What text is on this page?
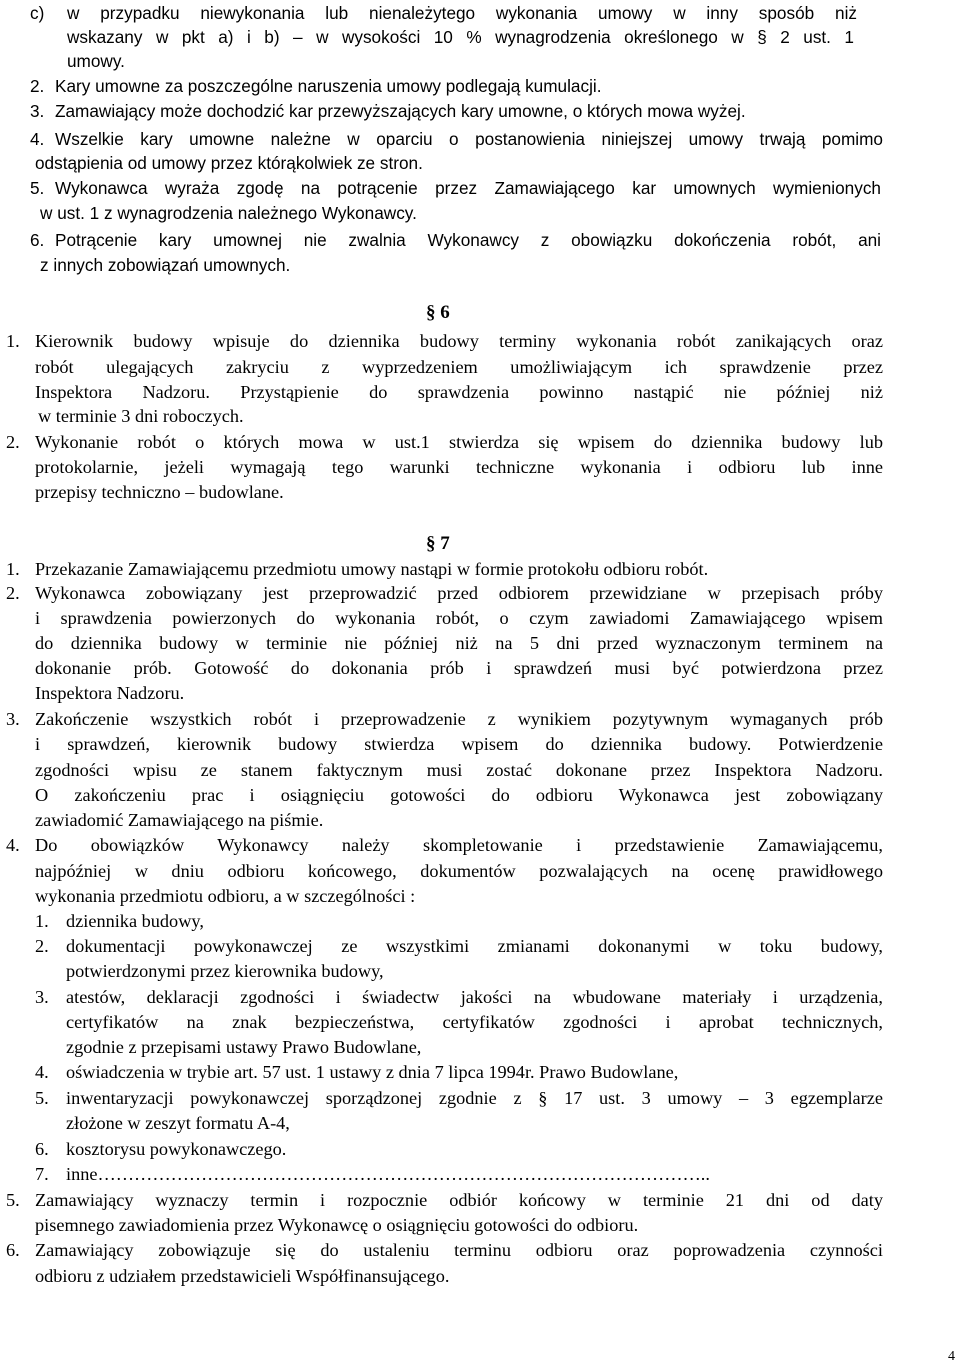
c) w przypadku niewykonania lub nienależytego wykonania umowy w inny sposób niż
wskazany w pkt a) i b) – w wysokości 10 % wynagrodzenia określonego w § 2 ust. 1
umowy.
2. Kary umowne za poszczególne naruszenia umowy podlegają kumulacji.
3. Zamawiający może dochodzić kar przewyższających kary umowne, o których mowa wyżej.
4. Wszelkie kary umowne należne w oparciu o postanowienia niniejszej umowy trwają pomimo
odstąpienia od umowy przez którąkolwiek ze stron.
5. Wykonawca wyraża zgodę na potrącenie przez Zamawiającego kar umownych wymienionych
w ust. 1 z wynagrodzenia należnego Wykonawcy.
6. Potrącenie kary umownej nie zwalnia Wykonawcy z obowiązku dokończenia robót, ani
z innych zobowiązań umownych.
§ 6
1. Kierownik budowy wpisuje do dziennika budowy terminy wykonania robót zanikających oraz
robót ulegających zakryciu z wyprzedzeniem umożliwiającym ich sprawdzenie przez
Inspektora Nadzoru. Przystąpienie do sprawdzenia powinno nastąpić nie później niż
w terminie 3 dni roboczych.
2. Wykonanie robót o których mowa w ust.1 stwierdza się wpisem do dziennika budowy lub
protokolarnie, jeżeli wymagają tego warunki techniczne wykonania i odbioru lub inne
przepisy techniczno – budowlane.
§ 7
1. Przekazanie Zamawiającemu przedmiotu umowy nastąpi w formie protokołu odbioru robót.
2. Wykonawca zobowiązany jest przeprowadzić przed odbiorem przewidziane w przepisach próby
i sprawdzenia powierzonych do wykonania robót, o czym zawiadomi Zamawiającego wpisem
do dziennika budowy w terminie nie później niż na 5 dni przed wyznaczonym terminem na
dokonanie prób. Gotowość do dokonania prób i sprawdzeń musi być potwierdzona przez
Inspektora Nadzoru.
3. Zakończenie wszystkich robót i przeprowadzenie z wynikiem pozytywnym wymaganych prób
i sprawdzeń, kierownik budowy stwierdza wpisem do dziennika budowy. Potwierdzenie
zgodności wpisu ze stanem faktycznym musi zostać dokonane przez Inspektora Nadzoru.
O zakończeniu prac i osiągnięciu gotowości do odbioru Wykonawca jest zobowiązany
zawiadomić Zamawiającego na piśmie.
4. Do obowiązków Wykonawcy należy skompletowanie i przedstawienie Zamawiającemu,
najpóźniej w dniu odbioru końcowego, dokumentów pozwalających na ocenę prawidłowego
wykonania przedmiotu odbioru, a w szczególności :
1. dziennika budowy,
2. dokumentacji powykonawczej ze wszystkimi zmianami dokonanymi w toku budowy,
potwierdzonymi przez kierownika budowy,
3. atestów, deklaracji zgodności i świadectw jakości na wbudowane materiały i urządzenia,
certyfikatów na znak bezpieczeństwa, certyfikatów zgodności i aprobat technicznych,
zgodnie z przepisami ustawy Prawo Budowlane,
4. oświadczenia w trybie art. 57 ust. 1 ustawy z dnia 7 lipca 1994r. Prawo Budowlane,
5. inwentaryzacji powykonawczej sporządzonej zgodnie z § 17 ust. 3 umowy – 3 egzemplarze
złożone w zeszyt formatu A-4,
6. kosztorysu powykonawczego.
7. inne………………………………………………………………………………………..
5. Zamawiający wyznaczy termin i rozpocznie odbiór końcowy w terminie 21 dni od daty
pisemnego zawiadomienia przez Wykonawcę o osiągnięciu gotowości do odbioru.
6. Zamawiający zobowiązuje się do ustaleniu terminu odbioru oraz poprowadzenia czynności
odbioru z udziałem przedstawicieli Współfinansującego.
4
